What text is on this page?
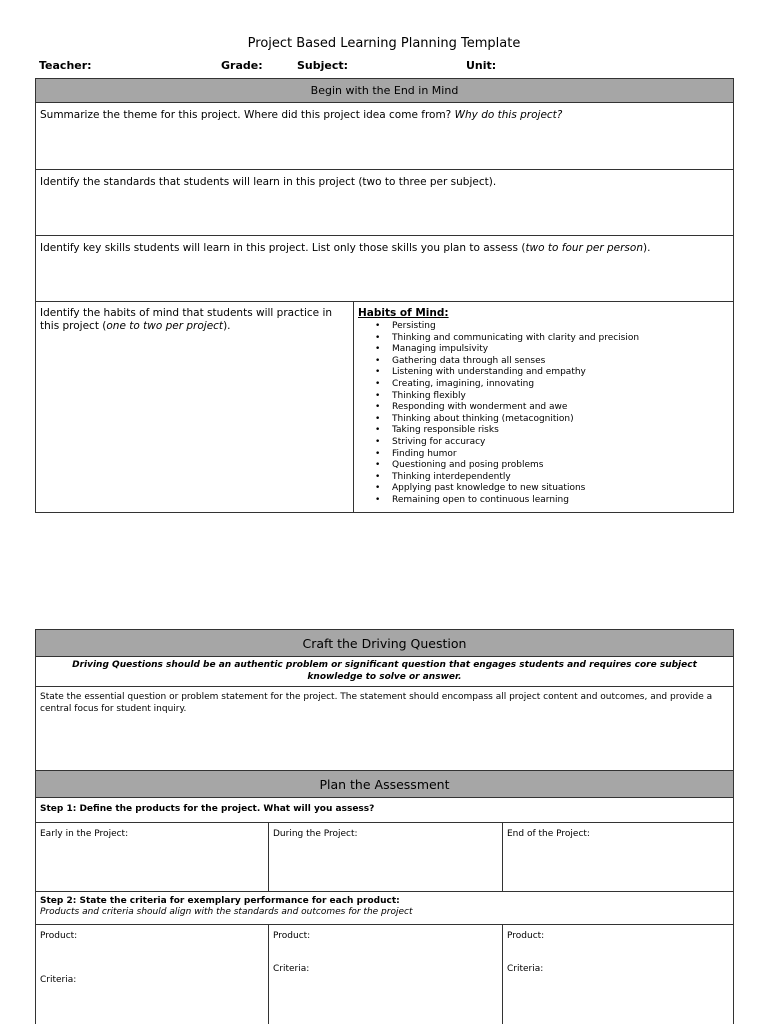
Project Based Learning Planning Template
Teacher:	Grade:	Subject:	Unit:
Begin with the End in Mind
Summarize the theme for this project. Where did this project idea come from? Why do this project?
Identify the standards that students will learn in this project (two to three per subject).
Identify key skills students will learn in this project. List only those skills you plan to assess (two to four per person).
Identify the habits of mind that students will practice in this project (one to two per project).
Habits of Mind:
• Persisting
• Thinking and communicating with clarity and precision
• Managing impulsivity
• Gathering data through all senses
• Listening with understanding and empathy
• Creating, imagining, innovating
• Thinking flexibly
• Responding with wonderment and awe
• Thinking about thinking (metacognition)
• Taking responsible risks
• Striving for accuracy
• Finding humor
• Questioning and posing problems
• Thinking interdependently
• Applying past knowledge to new situations
• Remaining open to continuous learning
Craft the Driving Question
Driving Questions should be an authentic problem or significant question that engages students and requires core subject knowledge to solve or answer.
State the essential question or problem statement for the project. The statement should encompass all project content and outcomes, and provide a central focus for student inquiry.
Plan the Assessment
Step 1: Define the products for the project. What will you assess?
Early in the Project:	During the Project:	End of the Project:
Step 2: State the criteria for exemplary performance for each product:
Products and criteria should align with the standards and outcomes for the project
Product:
Criteria:
Product:
Criteria:
Product:
Criteria:
